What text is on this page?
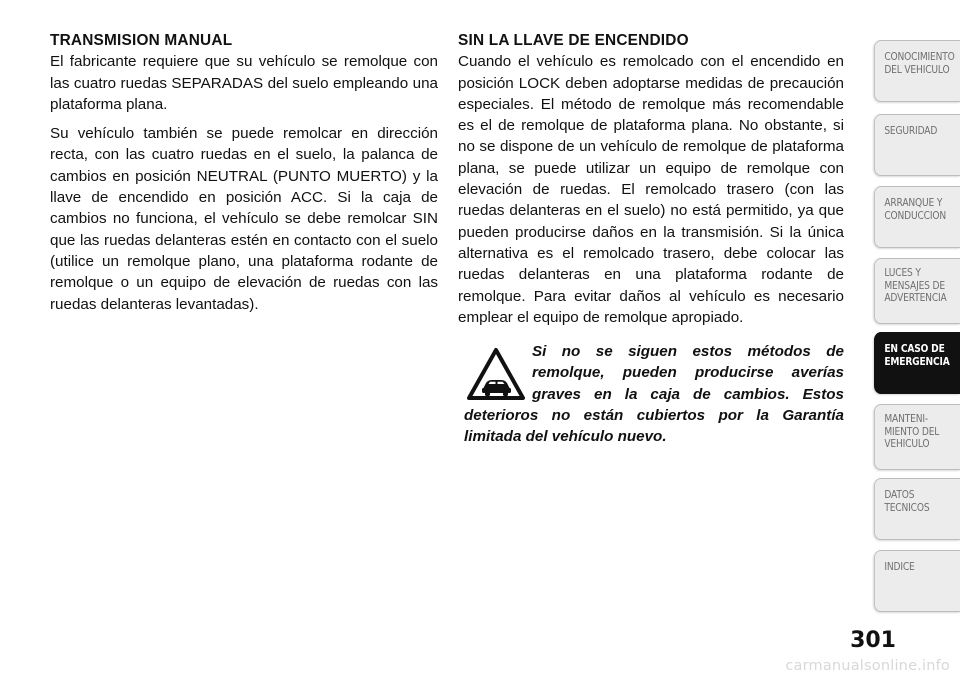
TRANSMISION MANUAL

El fabricante requiere que su vehículo se remolque con las cuatro ruedas SEPARADAS del suelo empleando una plataforma plana.

Su vehículo también se puede remolcar en dirección recta, con las cuatro ruedas en el suelo, la palanca de cambios en posición NEUTRAL (PUNTO MUERTO) y la llave de encendido en posición ACC. Si la caja de cambios no funciona, el vehículo se debe remolcar SIN que las ruedas delanteras estén en contacto con el suelo (utilice un remolque plano, una plataforma rodante de remolque o un equipo de elevación de ruedas con las ruedas delanteras levantadas).

SIN LA LLAVE DE ENCENDIDO

Cuando el vehículo es remolcado con el encendido en posición LOCK deben adoptarse medidas de precaución especiales. El método de remolque más recomendable es el de remolque de plataforma plana. No obstante, si no se dispone de un vehículo de remolque de plataforma plana, se puede utilizar un equipo de remolque con elevación de ruedas. El remolcado trasero (con las ruedas delanteras en el suelo) no está permitido, ya que pueden producirse daños en la transmisión. Si la única alternativa es el remolcado trasero, debe colocar las ruedas delanteras en una plataforma rodante de remolque. Para evitar daños al vehículo es necesario emplear el equipo de remolque apropiado.

Si no se siguen estos métodos de remolque, pueden producirse averías graves en la caja de cambios. Estos deterioros no están cubiertos por la Garantía limitada del vehículo nuevo.

CONOCIMIENTO
DEL VEHICULO
SEGURIDAD
ARRANQUE Y
CONDUCCION
LUCES Y
MENSAJES DE
ADVERTENCIA
EN CASO DE
EMERGENCIA
MANTENI-
MIENTO DEL
VEHICULO
DATOS
TECNICOS
INDICE
301
carmanualsonline.info
